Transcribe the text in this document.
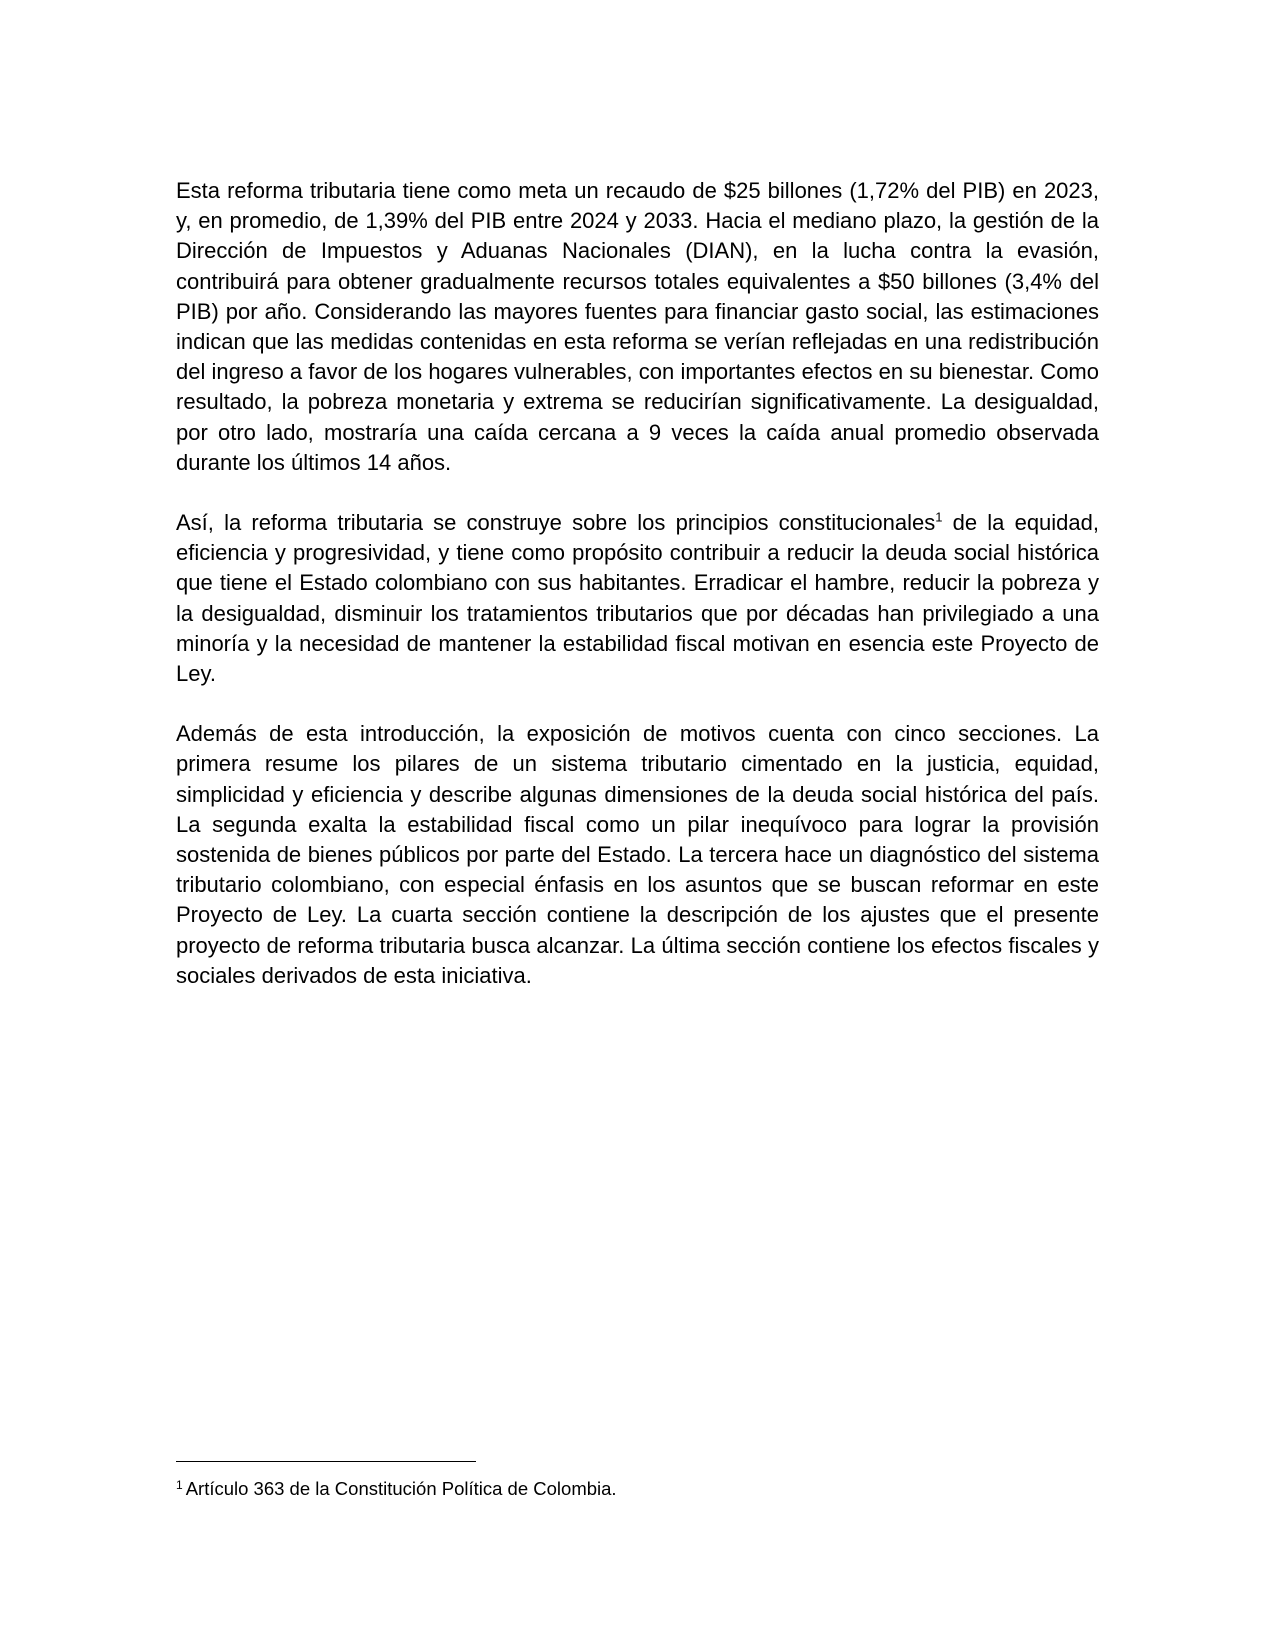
Esta reforma tributaria tiene como meta un recaudo de $25 billones (1,72% del PIB) en 2023, y, en promedio, de 1,39% del PIB entre 2024 y 2033. Hacia el mediano plazo, la gestión de la Dirección de Impuestos y Aduanas Nacionales (DIAN), en la lucha contra la evasión, contribuirá para obtener gradualmente recursos totales equivalentes a $50 billones (3,4% del PIB) por año. Considerando las mayores fuentes para financiar gasto social, las estimaciones indican que las medidas contenidas en esta reforma se verían reflejadas en una redistribución del ingreso a favor de los hogares vulnerables, con importantes efectos en su bienestar. Como resultado, la pobreza monetaria y extrema se reducirían significativamente. La desigualdad, por otro lado, mostraría una caída cercana a 9 veces la caída anual promedio observada durante los últimos 14 años.

Así, la reforma tributaria se construye sobre los principios constitucionales$^1$ de la equidad, eficiencia y progresividad, y tiene como propósito contribuir a reducir la deuda social histórica que tiene el Estado colombiano con sus habitantes. Erradicar el hambre, reducir la pobreza y la desigualdad, disminuir los tratamientos tributarios que por décadas han privilegiado a una minoría y la necesidad de mantener la estabilidad fiscal motivan en esencia este Proyecto de Ley.

Además de esta introducción, la exposición de motivos cuenta con cinco secciones. La primera resume los pilares de un sistema tributario cimentado en la justicia, equidad, simplicidad y eficiencia y describe algunas dimensiones de la deuda social histórica del país. La segunda exalta la estabilidad fiscal como un pilar inequívoco para lograr la provisión sostenida de bienes públicos por parte del Estado. La tercera hace un diagnóstico del sistema tributario colombiano, con especial énfasis en los asuntos que se buscan reformar en este Proyecto de Ley. La cuarta sección contiene la descripción de los ajustes que el presente proyecto de reforma tributaria busca alcanzar. La última sección contiene los efectos fiscales y sociales derivados de esta iniciativa.

$^1$ Artículo 363 de la Constitución Política de Colombia.
